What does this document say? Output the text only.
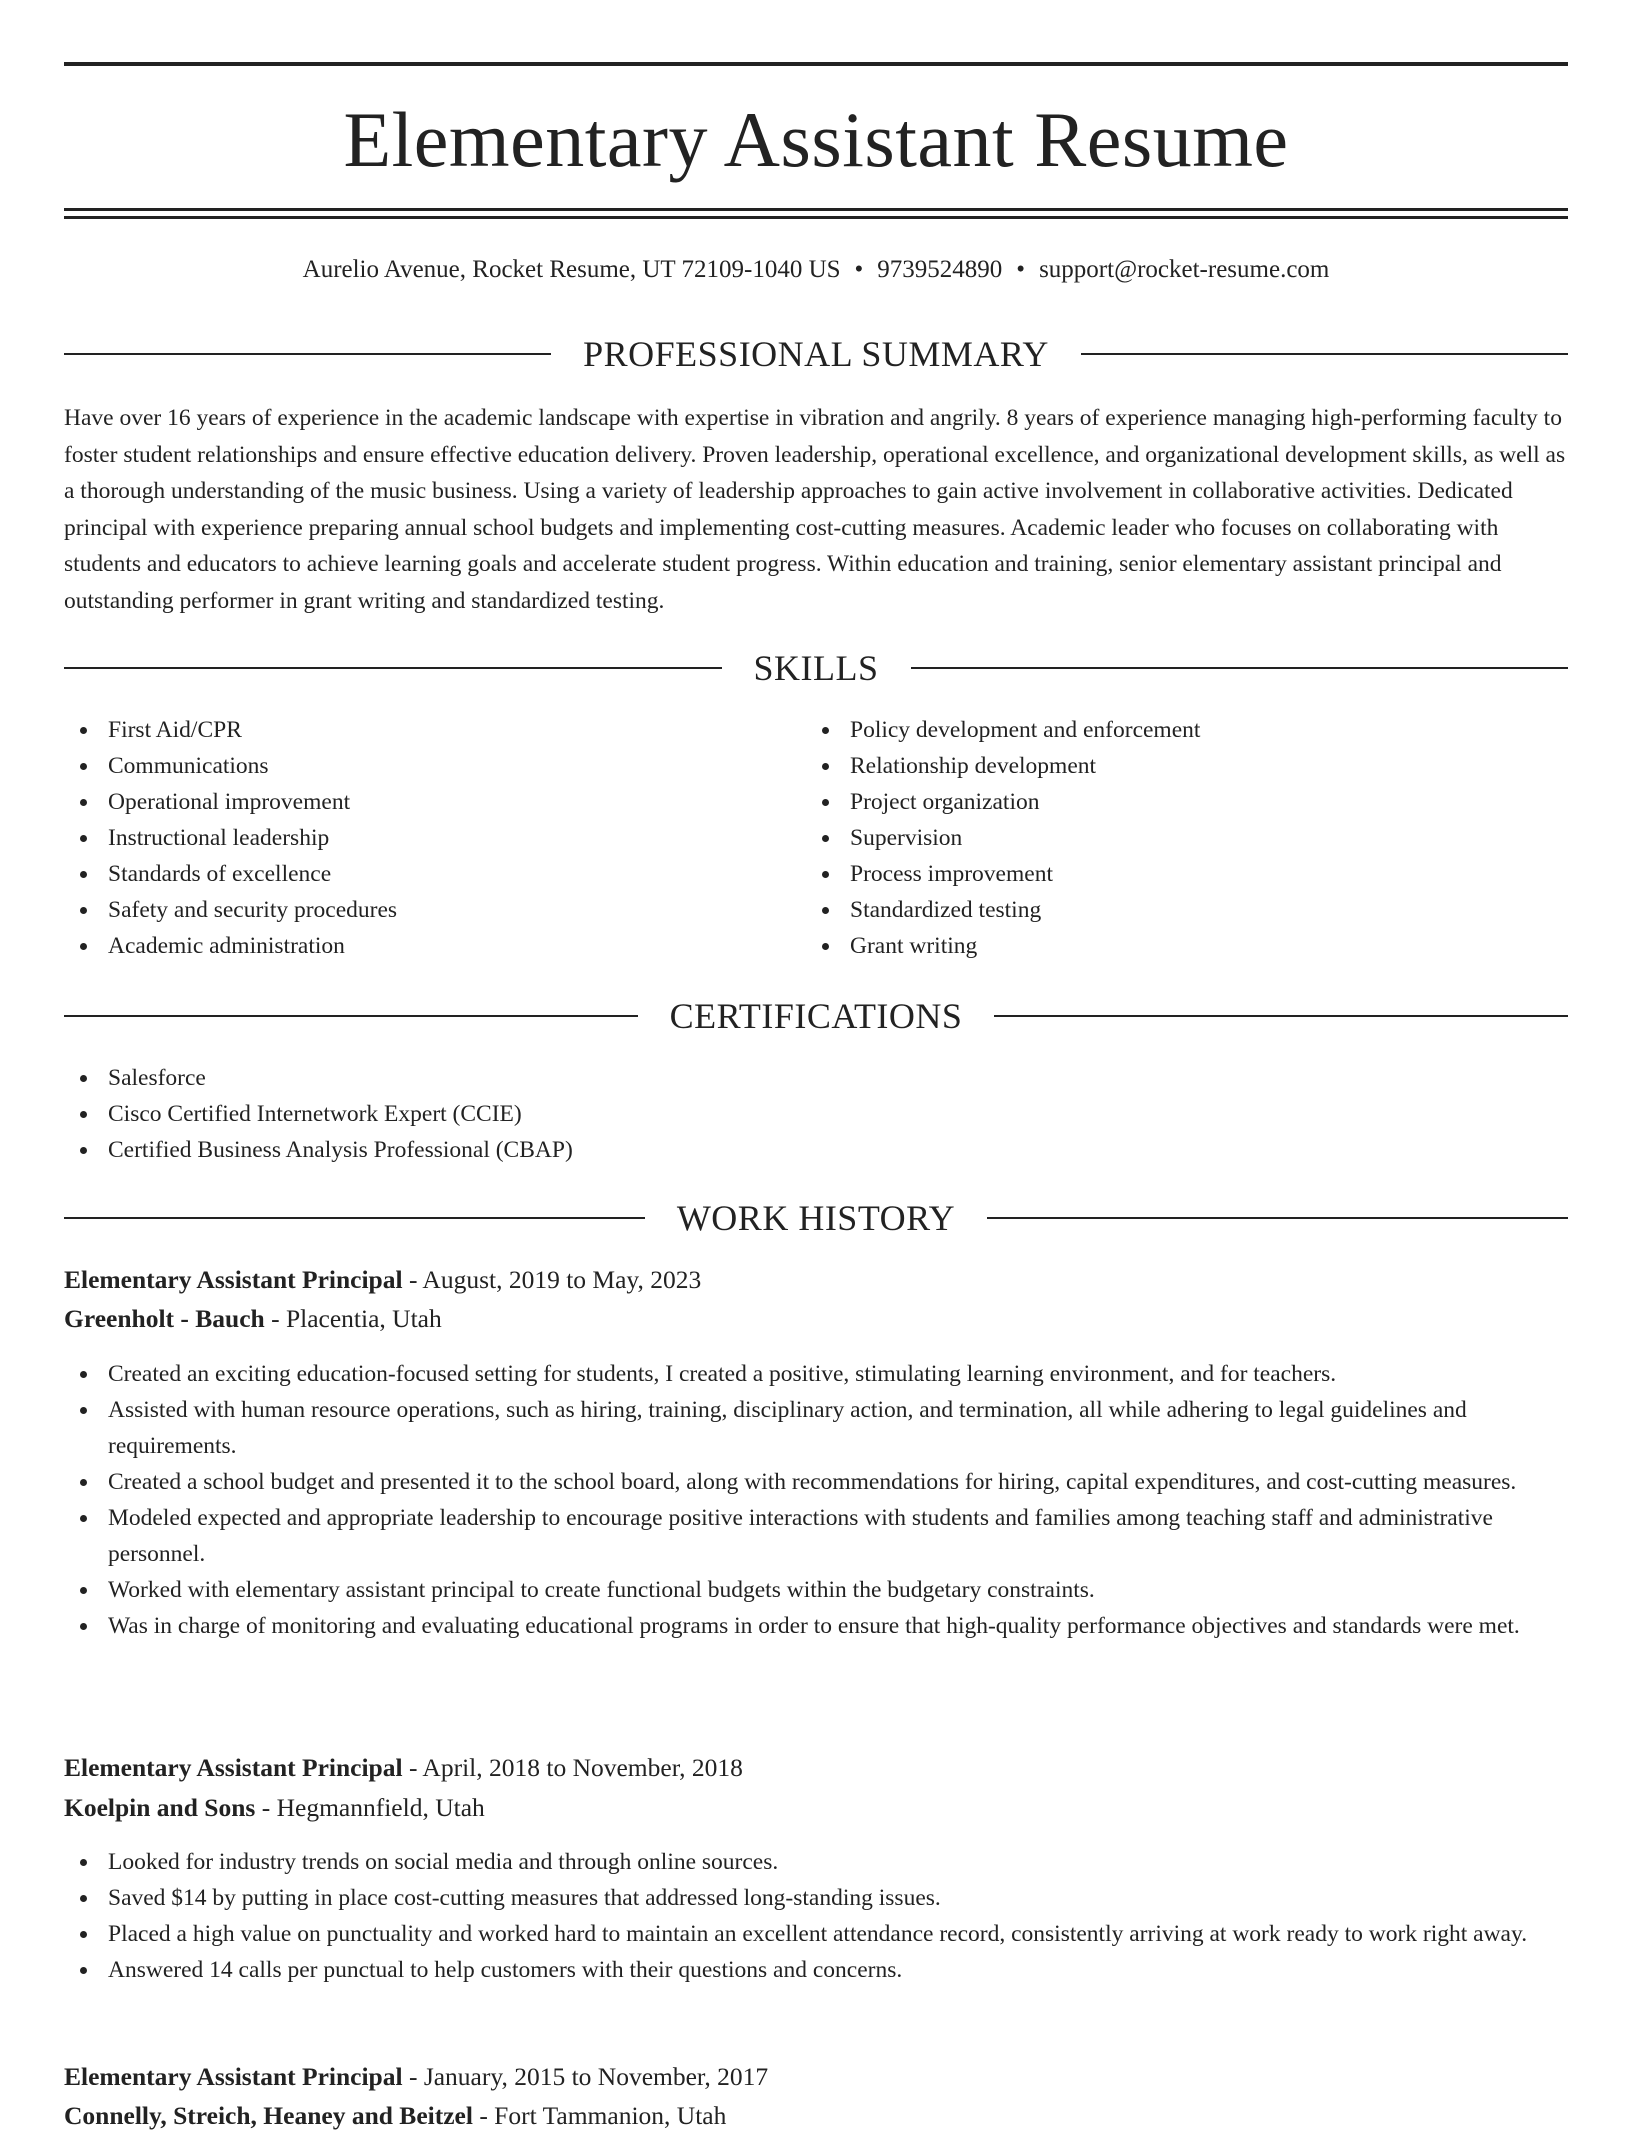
Elementary Assistant Resume
Aurelio Avenue, Rocket Resume, UT 72109-1040 US • 9739524890 • support@rocket-resume.com
PROFESSIONAL SUMMARY
Have over 16 years of experience in the academic landscape with expertise in vibration and angrily. 8 years of experience managing high-performing faculty to foster student relationships and ensure effective education delivery. Proven leadership, operational excellence, and organizational development skills, as well as a thorough understanding of the music business. Using a variety of leadership approaches to gain active involvement in collaborative activities. Dedicated principal with experience preparing annual school budgets and implementing cost-cutting measures. Academic leader who focuses on collaborating with students and educators to achieve learning goals and accelerate student progress. Within education and training, senior elementary assistant principal and outstanding performer in grant writing and standardized testing.
SKILLS
First Aid/CPR
Communications
Operational improvement
Instructional leadership
Standards of excellence
Safety and security procedures
Academic administration
Policy development and enforcement
Relationship development
Project organization
Supervision
Process improvement
Standardized testing
Grant writing
CERTIFICATIONS
Salesforce
Cisco Certified Internetwork Expert (CCIE)
Certified Business Analysis Professional (CBAP)
WORK HISTORY
Elementary Assistant Principal - August, 2019 to May, 2023
Greenholt - Bauch - Placentia, Utah
Created an exciting education-focused setting for students, I created a positive, stimulating learning environment, and for teachers.
Assisted with human resource operations, such as hiring, training, disciplinary action, and termination, all while adhering to legal guidelines and requirements.
Created a school budget and presented it to the school board, along with recommendations for hiring, capital expenditures, and cost-cutting measures.
Modeled expected and appropriate leadership to encourage positive interactions with students and families among teaching staff and administrative personnel.
Worked with elementary assistant principal to create functional budgets within the budgetary constraints.
Was in charge of monitoring and evaluating educational programs in order to ensure that high-quality performance objectives and standards were met.
Elementary Assistant Principal - April, 2018 to November, 2018
Koelpin and Sons - Hegmannfield, Utah
Looked for industry trends on social media and through online sources.
Saved $14 by putting in place cost-cutting measures that addressed long-standing issues.
Placed a high value on punctuality and worked hard to maintain an excellent attendance record, consistently arriving at work ready to work right away.
Answered 14 calls per punctual to help customers with their questions and concerns.
Elementary Assistant Principal - January, 2015 to November, 2017
Connelly, Streich, Heaney and Beitzel - Fort Tammanion, Utah
